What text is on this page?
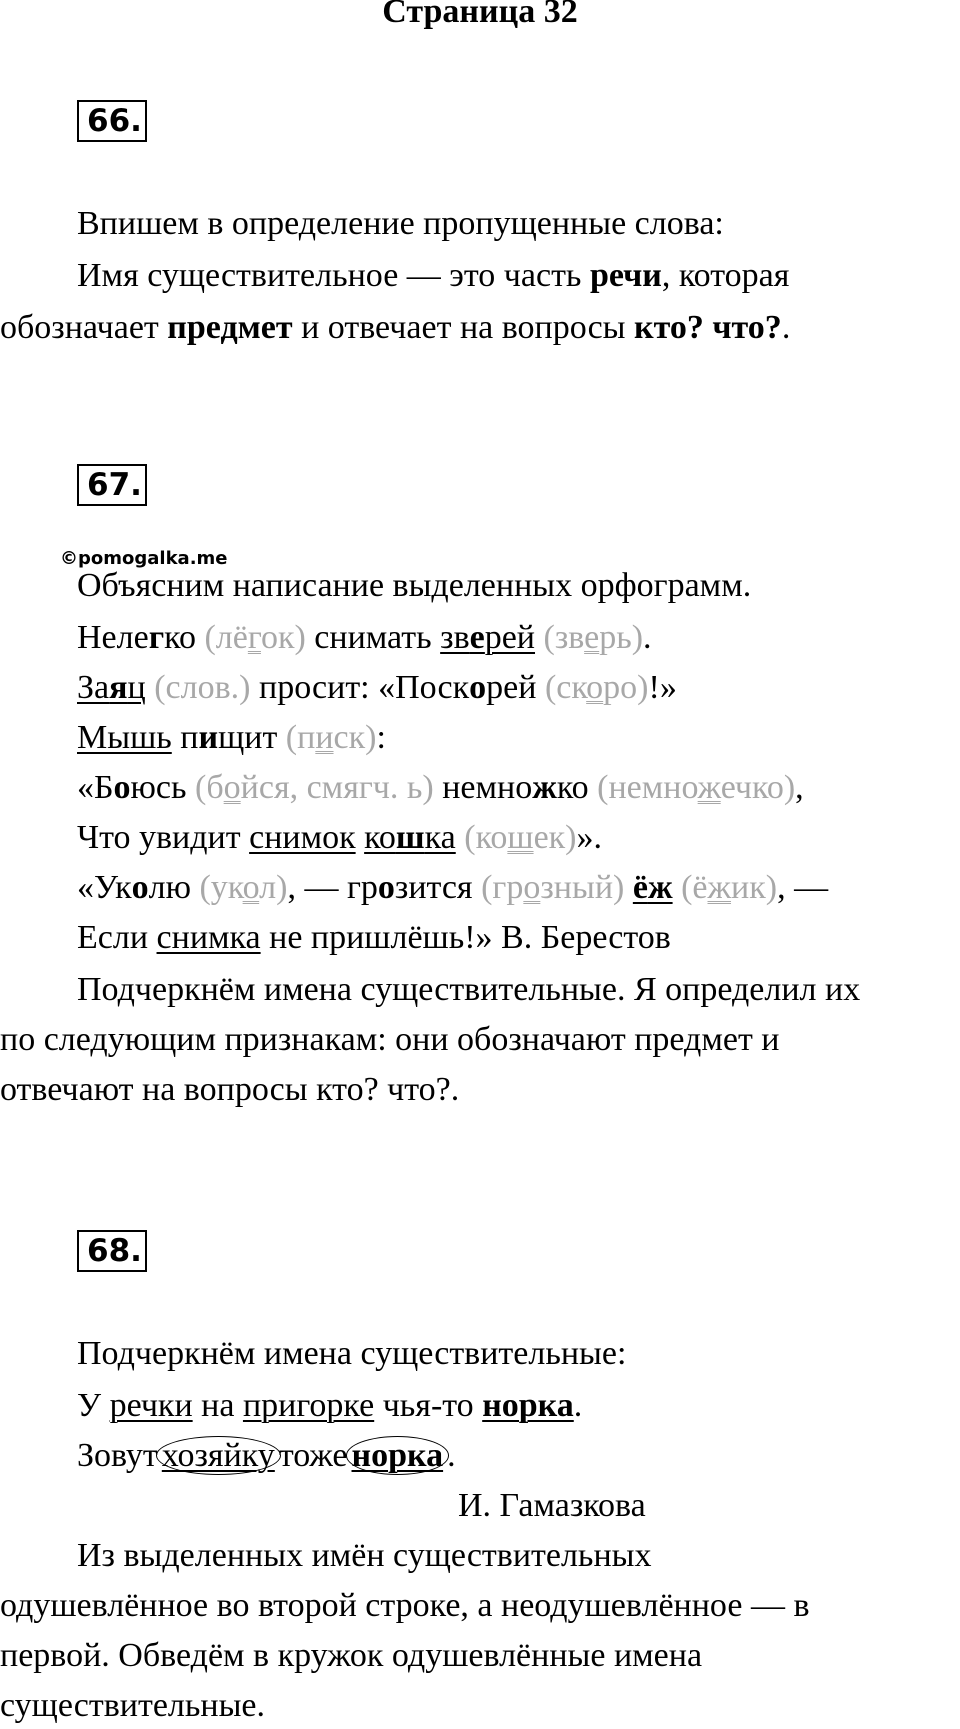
Страница 32
66.
Впишем в определение пропущенные слова:
Имя существительное — это часть речи, которая
обозначает предмет и отвечает на вопросы кто? что?.
67.
©pomogalka.me
Объясним написание выделенных орфограмм.
Нелегко (лёгок) снимать зверей (зверь).
Заяц (слов.) просит: «Поскорей (скоро)!»
Мышь пищит (писк):
«Боюсь (бойся, смягч. ь) немножко (немножечко),
Что увидит снимок кошка (кошек)».
«Уколю (укол), — грозится (грозный) ёж (ёжик), —
Если снимка не пришлёшь!» В. Берестов
Подчеркнём имена существительные. Я определил их
по следующим признакам: они обозначают предмет и
отвечают на вопросы кто? что?.
68.
Подчеркнём имена существительные:
У речки на пригорке чья-то норка.
Зовут хозяйку тоже норка .
И. Гамазкова
Из выделенных имён существительных
одушевлённое во второй строке, а неодушевлённое — в
первой. Обведём в кружок одушевлённые имена
существительные.
